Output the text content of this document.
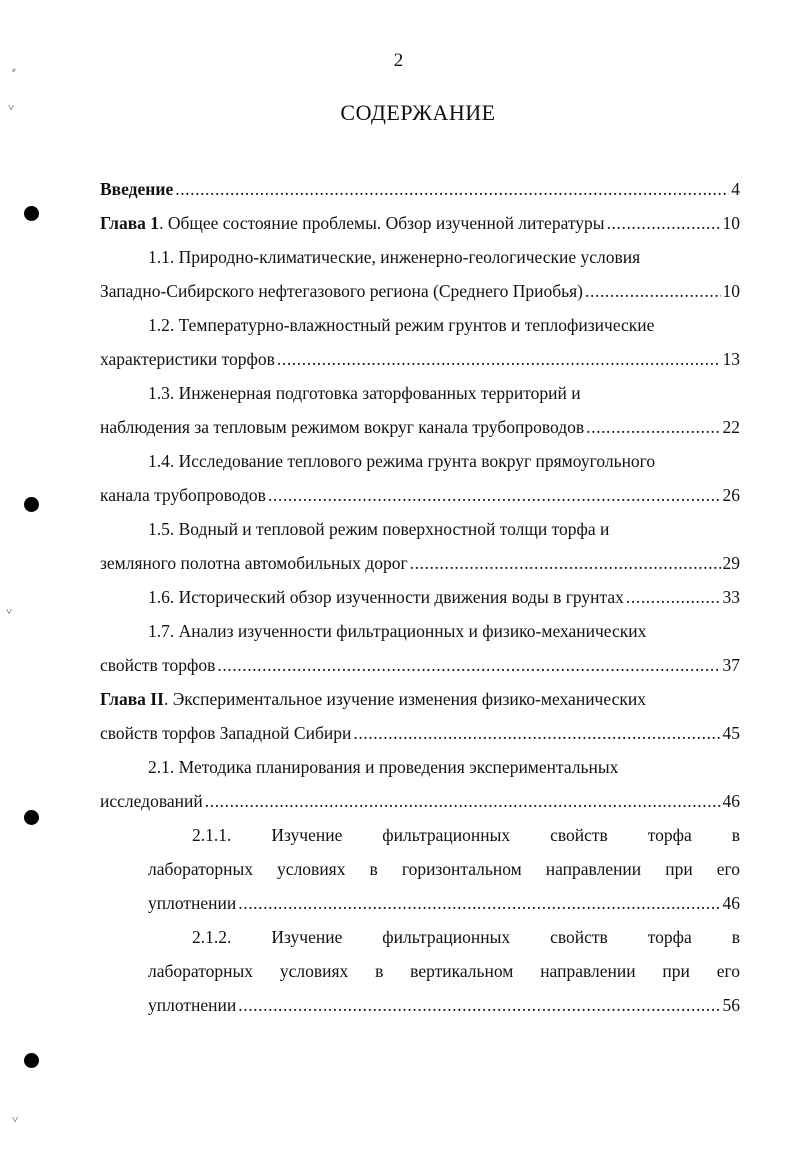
2
СОДЕРЖАНИЕ
⸗
˅
˅
˅
Введение .....	4
Глава 1. Общее состояние проблемы. Обзор изученной литературы .....	10
1.1. Природно-климатические, инженерно-геологические условия
Западно-Сибирского нефтегазового региона (Среднего Приобья) .....	10
1.2. Температурно-влажностный режим грунтов и теплофизические
характеристики торфов .....	13
1.3. Инженерная подготовка заторфованных территорий и
наблюдения за тепловым режимом вокруг канала трубопроводов .....	22
1.4. Исследование теплового режима грунта вокруг прямоугольного
канала трубопроводов .....	26
1.5. Водный и тепловой режим поверхностной толщи торфа и
земляного полотна автомобильных дорог .....	29
1.6. Исторический обзор изученности движения воды в грунтах .....	33
1.7. Анализ изученности фильтрационных и физико-механических
свойств торфов .....	37
Глава II. Экспериментальное изучение изменения физико-механических
свойств торфов Западной Сибири .....	45
2.1. Методика планирования и проведения экспериментальных
исследований .....	46
2.1.1. Изучение фильтрационных свойств торфа в
лабораторных условиях в горизонтальном направлении при его
уплотнении .....	46
2.1.2. Изучение фильтрационных свойств торфа в
лабораторных условиях в вертикальном направлении при его
уплотнении .....	56
